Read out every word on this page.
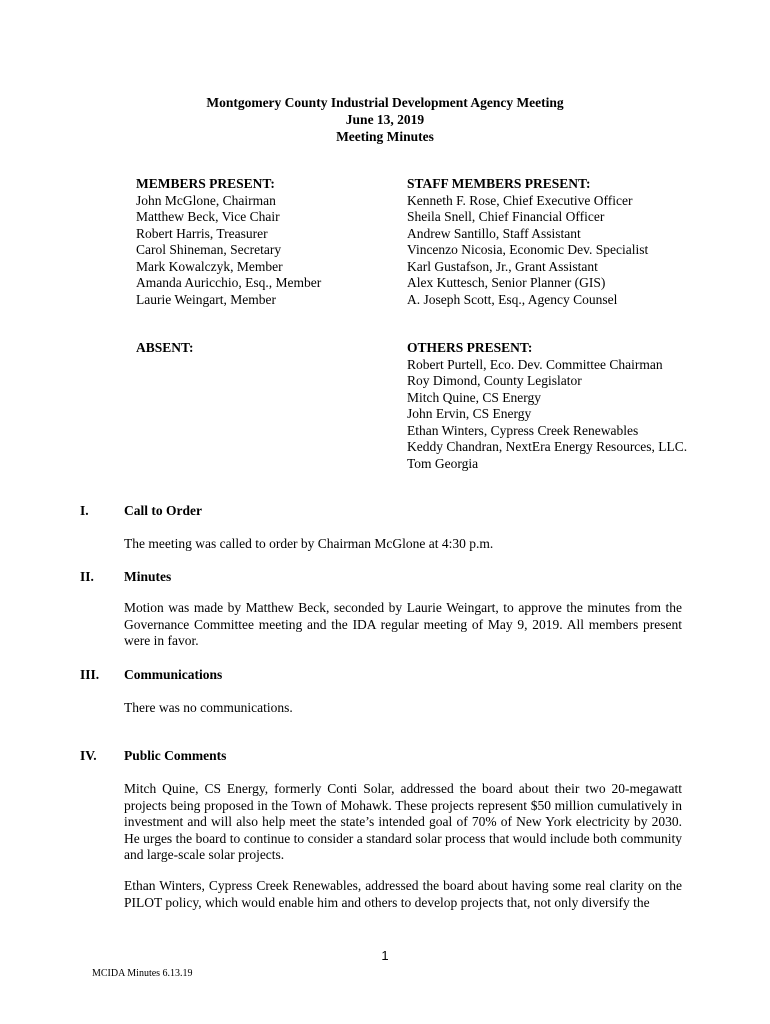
Montgomery County Industrial Development Agency Meeting
June 13, 2019
Meeting Minutes
MEMBERS PRESENT:
John McGlone, Chairman
Matthew Beck, Vice Chair
Robert Harris, Treasurer
Carol Shineman, Secretary
Mark Kowalczyk, Member
Amanda Auricchio, Esq., Member
Laurie Weingart, Member
STAFF MEMBERS PRESENT:
Kenneth F. Rose, Chief Executive Officer
Sheila Snell, Chief Financial Officer
Andrew Santillo, Staff Assistant
Vincenzo Nicosia, Economic Dev. Specialist
Karl Gustafson, Jr., Grant Assistant
Alex Kuttesch, Senior Planner (GIS)
A. Joseph Scott, Esq., Agency Counsel
ABSENT:	OTHERS PRESENT:
Robert Purtell, Eco. Dev. Committee Chairman
Roy Dimond, County Legislator
Mitch Quine, CS Energy
John Ervin, CS Energy
Ethan Winters, Cypress Creek Renewables
Keddy Chandran, NextEra Energy Resources, LLC.
Tom Georgia
I.	Call to Order
The meeting was called to order by Chairman McGlone at 4:30 p.m.
II.	Minutes
Motion was made by Matthew Beck, seconded by Laurie Weingart, to approve the minutes from the Governance Committee meeting and the IDA regular meeting of May 9, 2019. All members present were in favor.
III.	Communications
There was no communications.
IV.	Public Comments
Mitch Quine, CS Energy, formerly Conti Solar, addressed the board about their two 20-megawatt projects being proposed in the Town of Mohawk. These projects represent $50 million cumulatively in investment and will also help meet the state’s intended goal of 70% of New York electricity by 2030. He urges the board to continue to consider a standard solar process that would include both community and large-scale solar projects.
Ethan Winters, Cypress Creek Renewables, addressed the board about having some real clarity on the PILOT policy, which would enable him and others to develop projects that, not only diversify the
1
MCIDA Minutes 6.13.19
